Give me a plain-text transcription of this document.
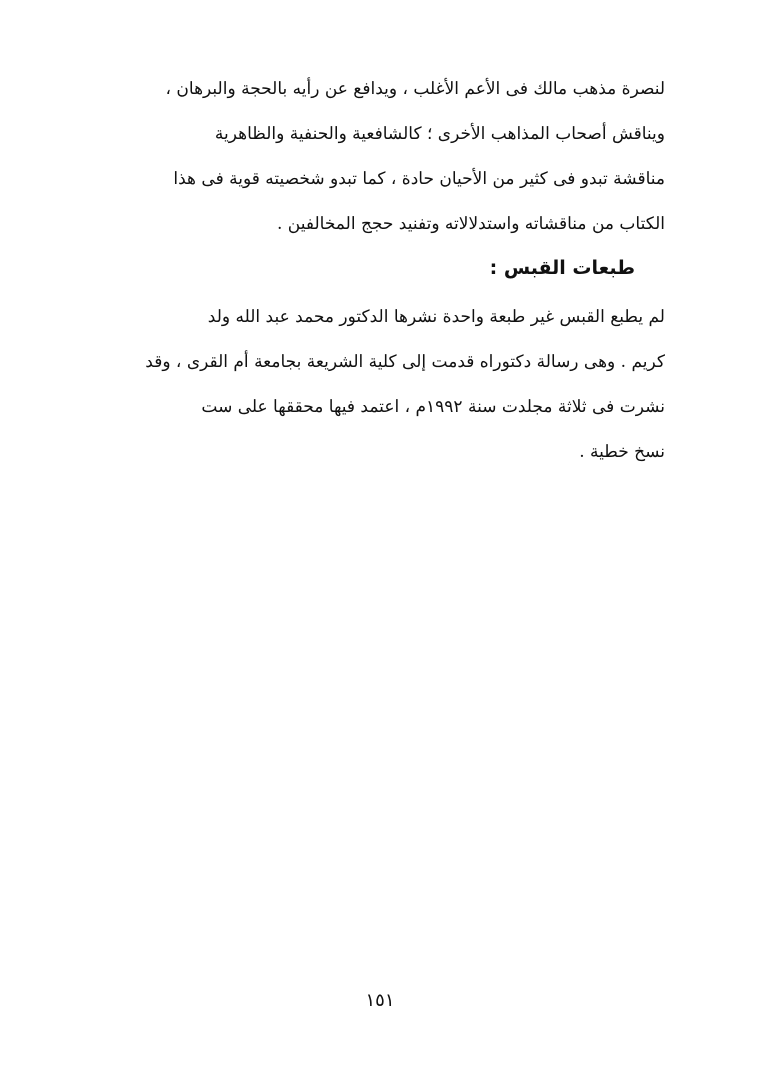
لنصرة مذهب مالك فى الأعم الأغلب ، ويدافع عن رأيه بالحجة والبرهان ،
ويناقش أصحاب المذاهب الأخرى ؛ كالشافعية والحنفية والظاهرية
مناقشة تبدو فى كثير من الأحيان حادة ، كما تبدو شخصيته قوية فى هذا
الكتاب من مناقشاته واستدلالاته وتفنيد حجج المخالفين .
طبعات القبس :
لم يطبع القبس غير طبعة واحدة نشرها الدكتور محمد عبد الله ولد
كريم . وهى رسالة دكتوراه قدمت إلى كلية الشريعة بجامعة أم القرى ، وقد
نشرت فى ثلاثة مجلدت سنة ١٩٩٢م ، اعتمد فيها محققها على ست
نسخ خطية .
١٥١
